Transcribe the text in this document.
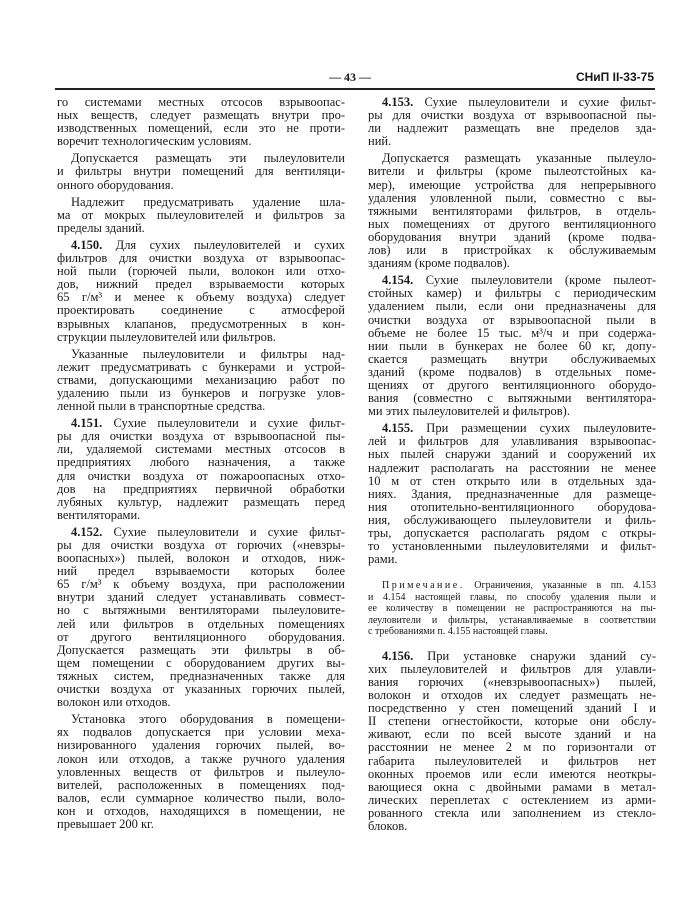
— 43 —	СНиП II-33-75
го системами местных отсосов взрывоопас-
ных веществ, следует размещать внутри про-
изводственных помещений, если это не проти-
воречит технологическим условиям.
Допускается размещать эти пылеуловители
и фильтры внутри помещений для вентиляци-
онного оборудования.
Надлежит предусматривать удаление шла-
ма от мокрых пылеуловителей и фильтров за
пределы зданий.
4.150. Для сухих пылеуловителей и сухих
фильтров для очистки воздуха от взрывоопас-
ной пыли (горючей пыли, волокон или отхо-
дов, нижний предел взрываемости которых
65 г/м³ и менее к объему воздуха) следует
проектировать соединение с атмосферой
взрывных клапанов, предусмотренных в кон-
струкции пылеуловителей или фильтров.
Указанные пылеуловители и фильтры над-
лежит предусматривать с бункерами и устрой-
ствами, допускающими механизацию работ по
удалению пыли из бункеров и погрузке улов-
ленной пыли в транспортные средства.
4.151. Сухие пылеуловители и сухие фильт-
ры для очистки воздуха от взрывоопасной пы-
ли, удаляемой системами местных отсосов в
предприятиях любого назначения, а также
для очистки воздуха от пожароопасных отхо-
дов на предприятиях первичной обработки
лубяных культур, надлежит размещать перед
вентиляторами.
4.152. Сухие пылеуловители и сухие фильт-
ры для очистки воздуха от горючих («невзры-
воопасных») пылей, волокон и отходов, ниж-
ний предел взрываемости которых более
65 г/м³ к объему воздуха, при расположении
внутри зданий следует устанавливать совмест-
но с вытяжными вентиляторами пылеуловите-
лей или фильтров в отдельных помещениях
от другого вентиляционного оборудования.
Допускается размещать эти фильтры в об-
щем помещении с оборудованием других вы-
тяжных систем, предназначенных также для
очистки воздуха от указанных горючих пылей,
волокон или отходов.
Установка этого оборудования в помещени-
ях подвалов допускается при условии меха-
низированного удаления горючих пылей, во-
локон или отходов, а также ручного удаления
уловленных веществ от фильтров и пылеуло-
вителей, расположенных в помещениях под-
валов, если суммарное количество пыли, воло-
кон и отходов, находящихся в помещении, не
превышает 200 кг.
4.153. Сухие пылеуловители и сухие фильт-
ры для очистки воздуха от взрывоопасной пы-
ли надлежит размещать вне пределов зда-
ний.
Допускается размещать указанные пылеуло-
вители и фильтры (кроме пылеотстойных ка-
мер), имеющие устройства для непрерывного
удаления уловленной пыли, совместно с вы-
тяжными вентиляторами фильтров, в отдель-
ных помещениях от другого вентиляционного
оборудования внутри зданий (кроме подва-
лов) или в пристройках к обслуживаемым
зданиям (кроме подвалов).
4.154. Сухие пылеуловители (кроме пылеот-
стойных камер) и фильтры с периодическим
удалением пыли, если они предназначены для
очистки воздуха от взрывоопасной пыли в
объеме не более 15 тыс. м³/ч и при содержа-
нии пыли в бункерах не более 60 кг, допу-
скается размещать внутри обслуживаемых
зданий (кроме подвалов) в отдельных поме-
щениях от другого вентиляционного оборудо-
вания (совместно с вытяжными вентилятора-
ми этих пылеуловителей и фильтров).
4.155. При размещении сухих пылеуловите-
лей и фильтров для улавливания взрывоопас-
ных пылей снаружи зданий и сооружений их
надлежит располагать на расстоянии не менее
10 м от стен открыто или в отдельных зда-
ниях. Здания, предназначенные для размеще-
ния отопительно-вентиляционного оборудова-
ния, обслуживающего пылеуловители и филь-
тры, допускается располагать рядом с откры-
то установленными пылеуловителями и фильт-
рами.
Примечание. Ограничения, указанные в пп. 4.153
и 4.154 настоящей главы, по способу удаления пыли и
ее количеству в помещении не распространяются на пы-
леуловители и фильтры, устанавливаемые в соответствии
с требованиями п. 4.155 настоящей главы.
4.156. При установке снаружи зданий су-
хих пылеуловителей и фильтров для улавли-
вания горючих («невзрывоопасных») пылей,
волокон и отходов их следует размещать не-
посредственно у стен помещений зданий I и
II степени огнестойкости, которые они обслу-
живают, если по всей высоте зданий и на
расстоянии не менее 2 м по горизонтали от
габарита пылеуловителей и фильтров нет
оконных проемов или если имеются неоткры-
вающиеся окна с двойными рамами в метал-
лических переплетах с остеклением из арми-
рованного стекла или заполнением из стекло-
блоков.
